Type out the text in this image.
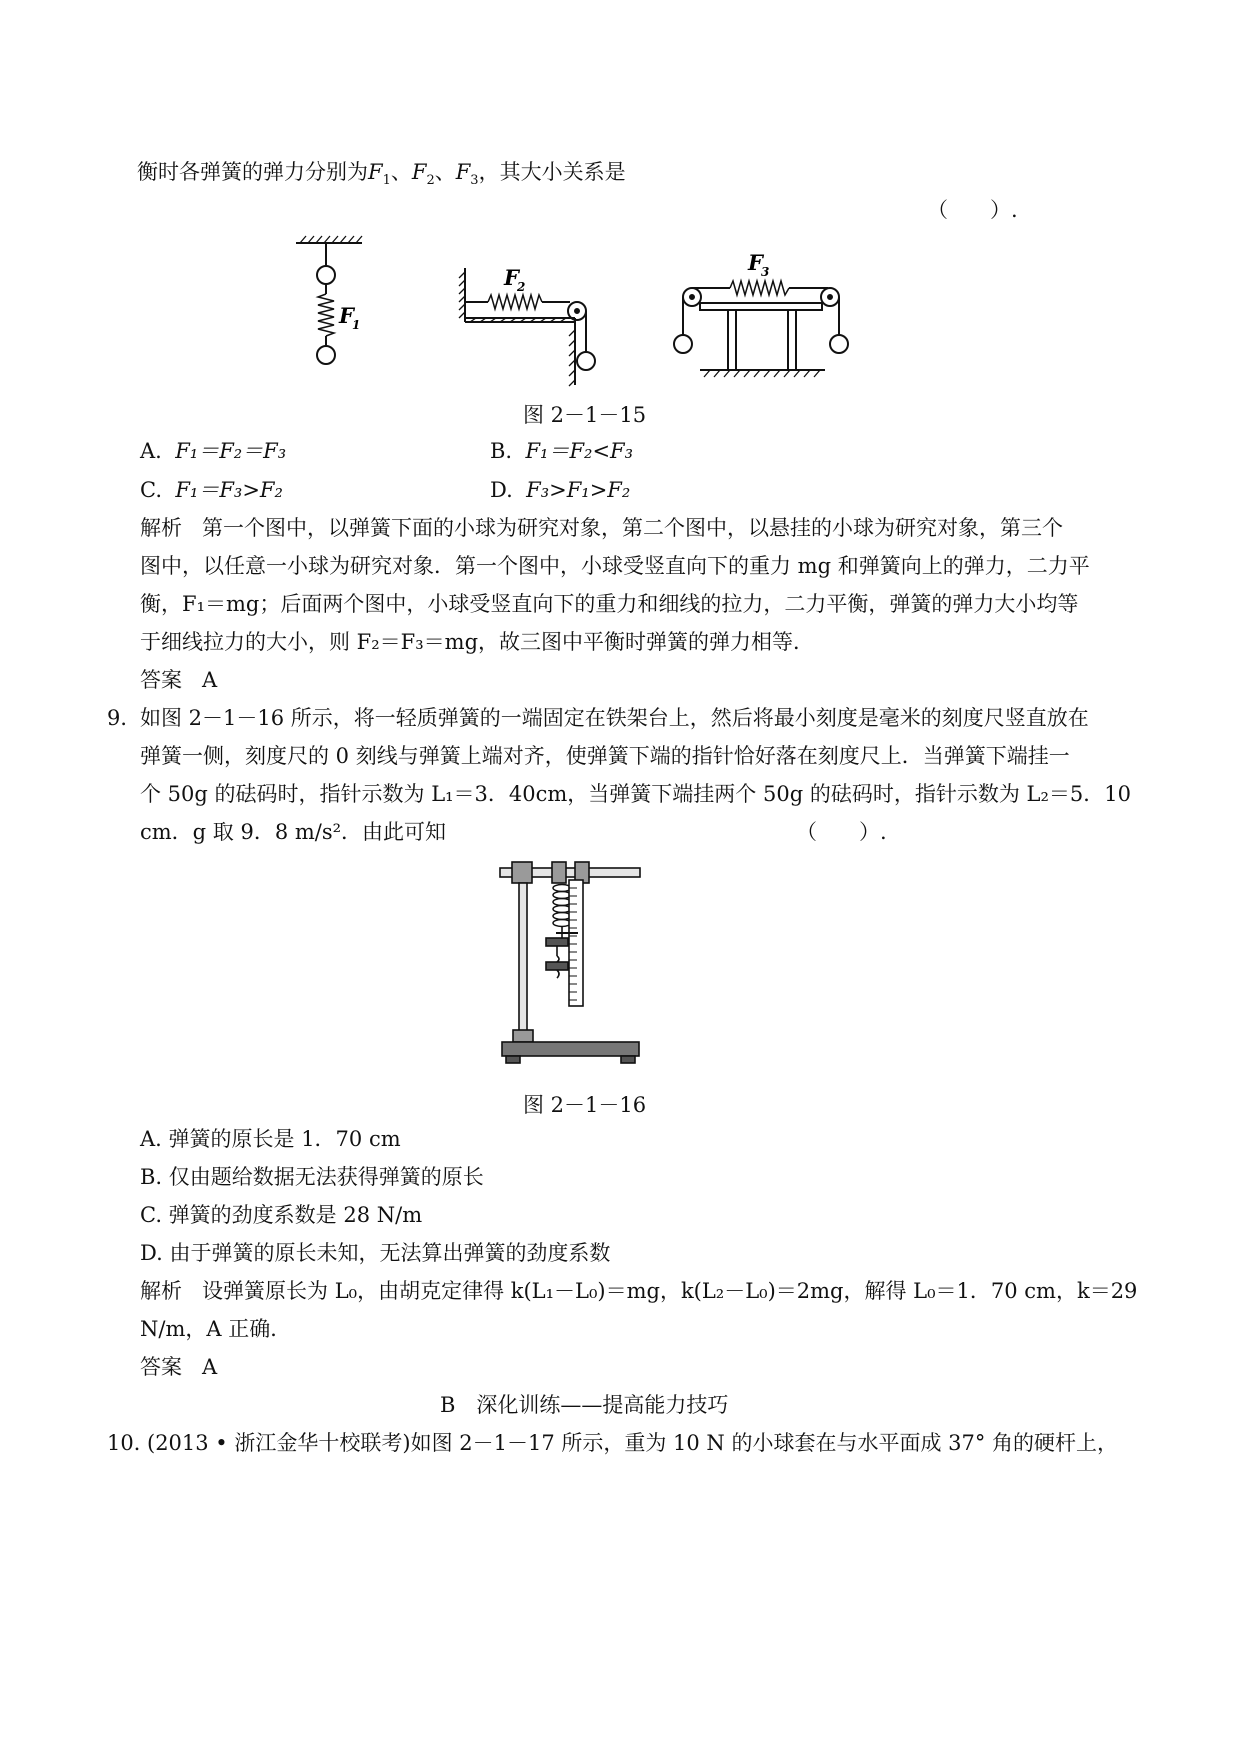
衡时各弹簧的弹力分别为$F_1$、$F_2$、$F_3$，其大小关系是
（　　）.
F
1
F
2
F
3
图 2－1－15
A. F₁＝F₂＝F₃	B. F₁＝F₂<F₃
C. F₁＝F₃>F₂	D. F₃>F₁>F₂
解析 第一个图中，以弹簧下面的小球为研究对象，第二个图中，以悬挂的小球为研究对象，第三个
图中，以任意一小球为研究对象．第一个图中，小球受竖直向下的重力 mg 和弹簧向上的弹力，二力平
衡，F₁＝mg；后面两个图中，小球受竖直向下的重力和细线的拉力，二力平衡，弹簧的弹力大小均等
于细线拉力的大小，则 F₂＝F₃＝mg，故三图中平衡时弹簧的弹力相等．
答案 A
9．
如图 2－1－16 所示，将一轻质弹簧的一端固定在铁架台上，然后将最小刻度是毫米的刻度尺竖直放在
弹簧一侧，刻度尺的 0 刻线与弹簧上端对齐，使弹簧下端的指针恰好落在刻度尺上．当弹簧下端挂一
个 50g 的砝码时，指针示数为 L₁＝3．40cm，当弹簧下端挂两个 50g 的砝码时，指针示数为 L₂＝5．10
cm．g 取 9．8 m/s²．由此可知	（　　）.
图 2－1－16
A. 弹簧的原长是 1．70 cm
B. 仅由题给数据无法获得弹簧的原长
C. 弹簧的劲度系数是 28 N/m
D. 由于弹簧的原长未知，无法算出弹簧的劲度系数
解析 设弹簧原长为 L₀，由胡克定律得 k(L₁－L₀)＝mg，k(L₂－L₀)＝2mg，解得 L₀＝1．70 cm，k＝29
N/m，A 正确．
答案 A
B　深化训练——提高能力技巧
10．
(2013 • 浙江金华十校联考)如图 2－1－17 所示，重为 10 N 的小球套在与水平面成 37° 角的硬杆上，
